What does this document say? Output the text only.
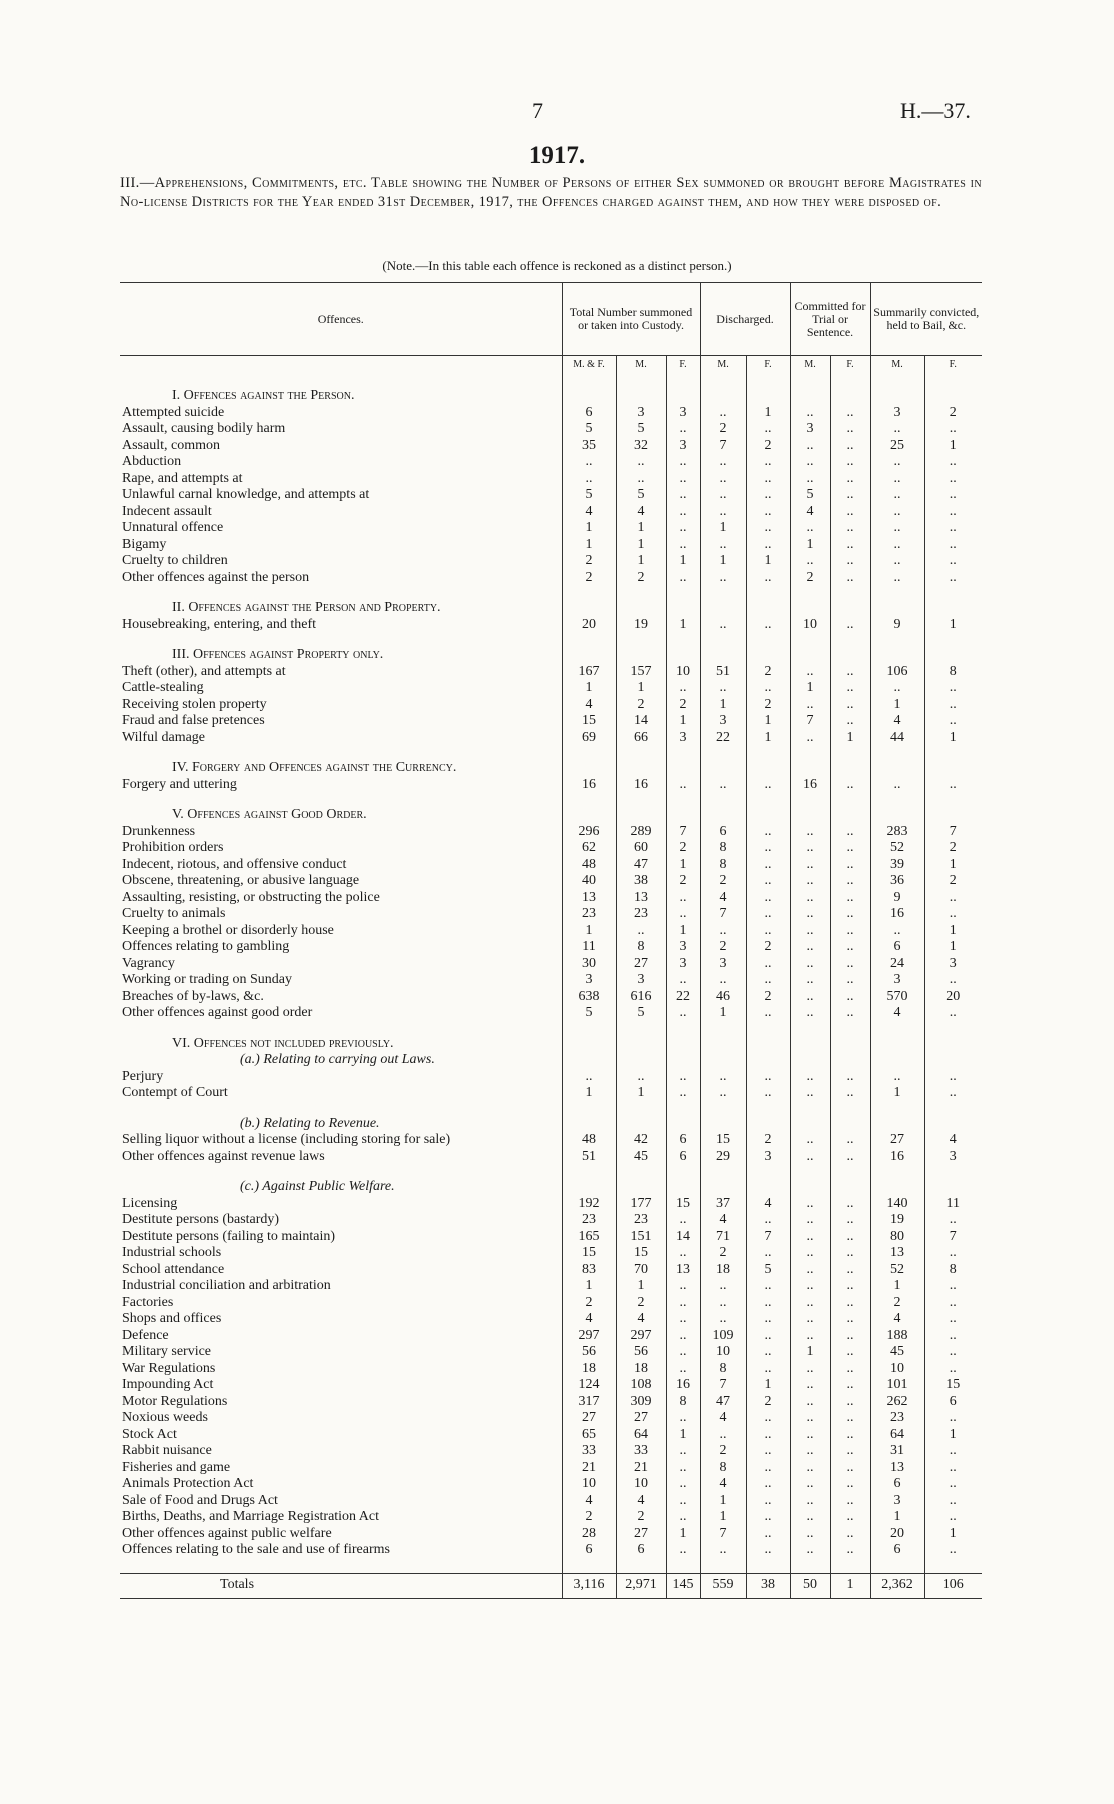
7	H.—37.
1917.
III.—Apprehensions, Commitments, etc. Table showing the Number of Persons of either Sex summoned or brought before Magistrates in No-license Districts for the Year ended 31st December, 1917, the Offences charged against them, and how they were disposed of.
(Note.—In this table each offence is reckoned as a distinct person.)
Offences.	Total Number summoned or taken into Custody.			Discharged.		Committed for Trial or Sentence.		Summarily convicted, held to Bail, &c.	
	M. & F.	M.	F.	M.	F.	M.	F.	M.	F.

I. Offences against the Person.									
Attempted suicide	6	3	3	..	1	..	..	3	2
Assault, causing bodily harm	5	5	..	2	..	3	..	..	..
Assault, common	35	32	3	7	2	..	..	25	1
Abduction	..	..	..	..	..	..	..	..	..
Rape, and attempts at	..	..	..	..	..	..	..	..	..
Unlawful carnal knowledge, and attempts at	5	5	..	..	..	5	..	..	..
Indecent assault	4	4	..	..	..	4	..	..	..
Unnatural offence	1	1	..	1	..	..	..	..	..
Bigamy	1	1	..	..	..	1	..	..	..
Cruelty to children	2	1	1	1	1	..	..	..	..
Other offences against the person	2	2	..	..	..	2	..	..	..

II. Offences against the Person and Property.									
Housebreaking, entering, and theft	20	19	1	..	..	10	..	9	1

III. Offences against Property only.									
Theft (other), and attempts at	167	157	10	51	2	..	..	106	8
Cattle-stealing	1	1	..	..	..	1	..	..	..
Receiving stolen property	4	2	2	1	2	..	..	1	..
Fraud and false pretences	15	14	1	3	1	7	..	4	..
Wilful damage	69	66	3	22	1	..	1	44	1

IV. Forgery and Offences against the Currency.									
Forgery and uttering	16	16	..	..	..	16	..	..	..

V. Offences against Good Order.									
Drunkenness	296	289	7	6	..	..	..	283	7
Prohibition orders	62	60	2	8	..	..	..	52	2
Indecent, riotous, and offensive conduct	48	47	1	8	..	..	..	39	1
Obscene, threatening, or abusive language	40	38	2	2	..	..	..	36	2
Assaulting, resisting, or obstructing the police	13	13	..	4	..	..	..	9	..
Cruelty to animals	23	23	..	7	..	..	..	16	..
Keeping a brothel or disorderly house	1	..	1	..	..	..	..	..	1
Offences relating to gambling	11	8	3	2	2	..	..	6	1
Vagrancy	30	27	3	3	..	..	..	24	3
Working or trading on Sunday	3	3	..	..	..	..	..	3	..
Breaches of by-laws, &c.	638	616	22	46	2	..	..	570	20
Other offences against good order	5	5	..	1	..	..	..	4	..

VI. Offences not included previously.									
(a.) Relating to carrying out Laws.									
Perjury	..	..	..	..	..	..	..	..	..
Contempt of Court	1	1	..	..	..	..	..	1	..

(b.) Relating to Revenue.									
Selling liquor without a license (including storing for sale)	48	42	6	15	2	..	..	27	4
Other offences against revenue laws	51	45	6	29	3	..	..	16	3

(c.) Against Public Welfare.									
Licensing	192	177	15	37	4	..	..	140	11
Destitute persons (bastardy)	23	23	..	4	..	..	..	19	..
Destitute persons (failing to maintain)	165	151	14	71	7	..	..	80	7
Industrial schools	15	15	..	2	..	..	..	13	..
School attendance	83	70	13	18	5	..	..	52	8
Industrial conciliation and arbitration	1	1	..	..	..	..	..	1	..
Factories	2	2	..	..	..	..	..	2	..
Shops and offices	4	4	..	..	..	..	..	4	..
Defence	297	297	..	109	..	..	..	188	..
Military service	56	56	..	10	..	1	..	45	..
War Regulations	18	18	..	8	..	..	..	10	..
Impounding Act	124	108	16	7	1	..	..	101	15
Motor Regulations	317	309	8	47	2	..	..	262	6
Noxious weeds	27	27	..	4	..	..	..	23	..
Stock Act	65	64	1	..	..	..	..	64	1
Rabbit nuisance	33	33	..	2	..	..	..	31	..
Fisheries and game	21	21	..	8	..	..	..	13	..
Animals Protection Act	10	10	..	4	..	..	..	6	..
Sale of Food and Drugs Act	4	4	..	1	..	..	..	3	..
Births, Deaths, and Marriage Registration Act	2	2	..	1	..	..	..	1	..
Other offences against public welfare	28	27	1	7	..	..	..	20	1
Offences relating to the sale and use of firearms	6	6	..	..	..	..	..	6	..

Totals	3,116	2,971	145	559	38	50	1	2,362	106
